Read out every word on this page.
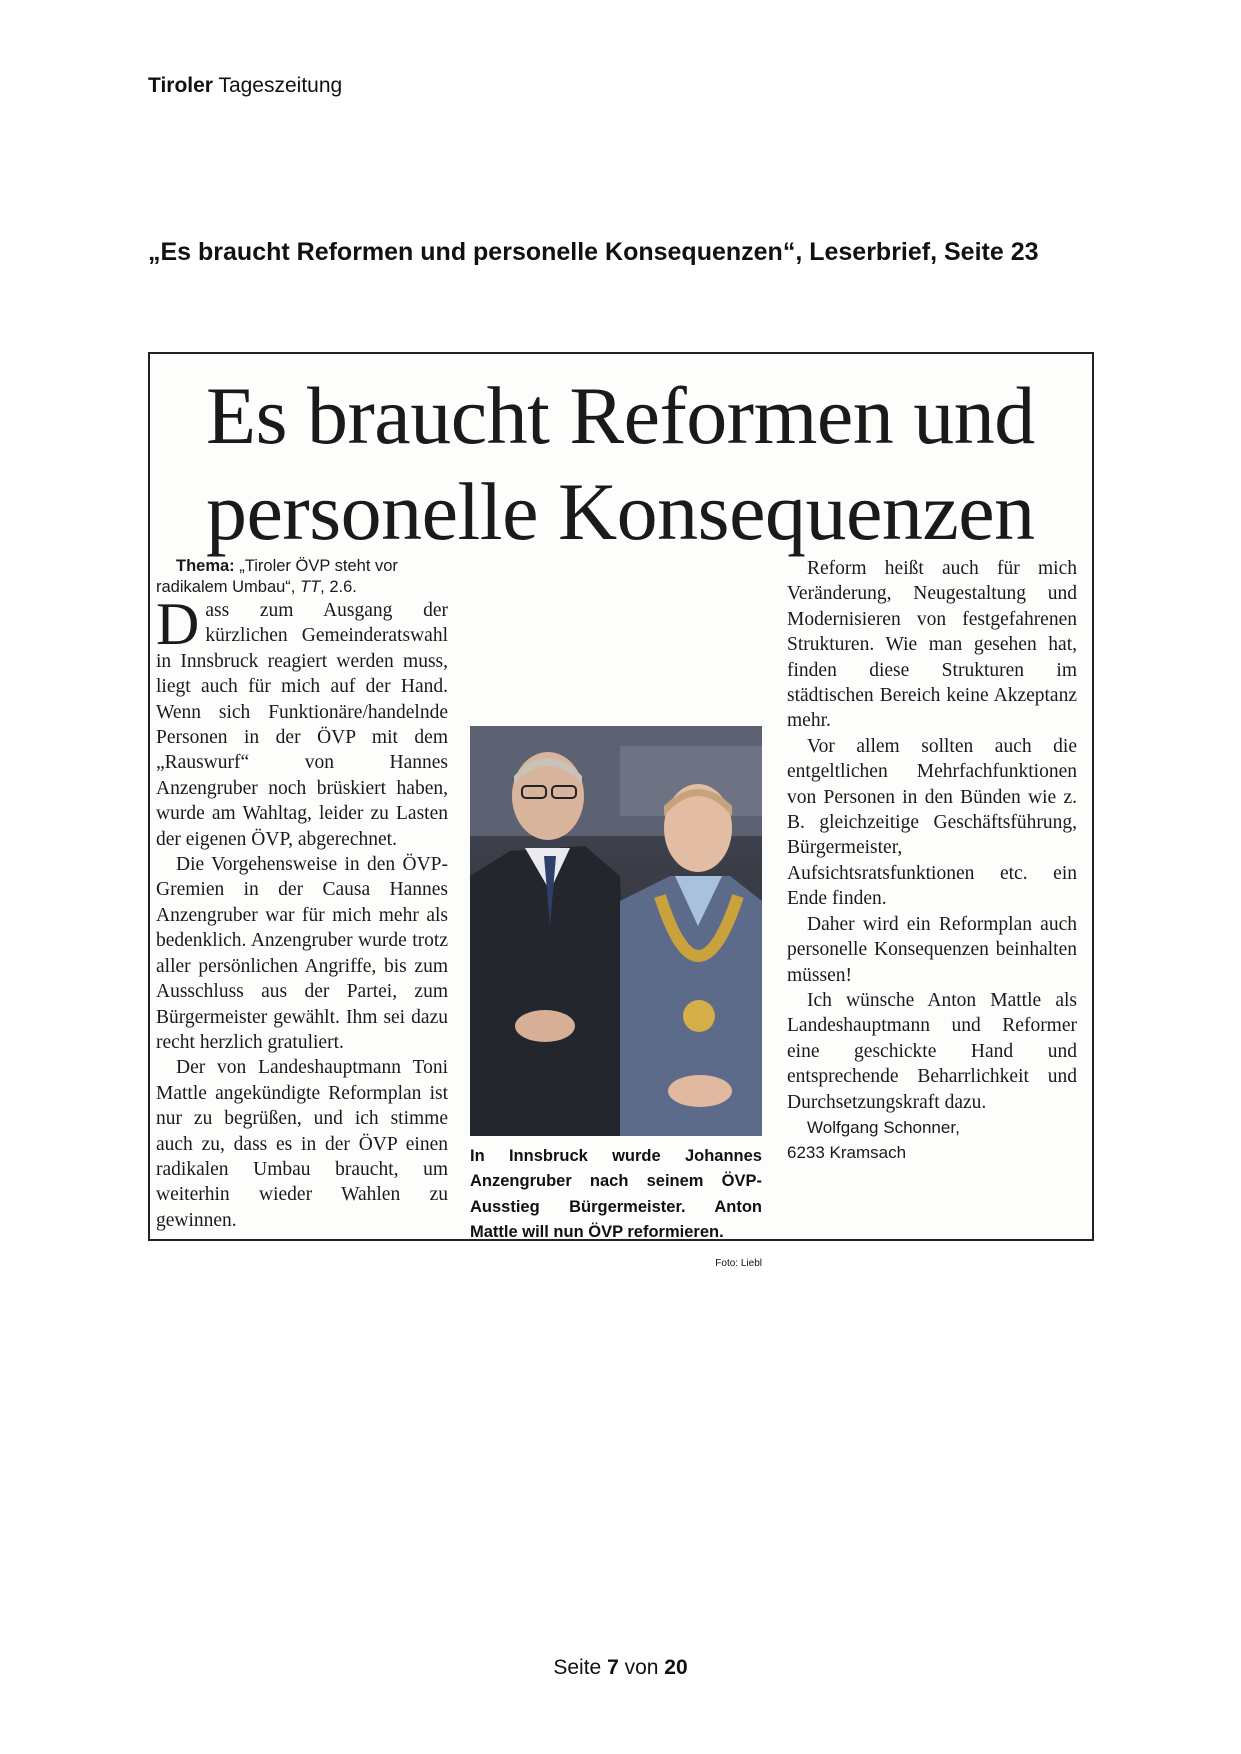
Tiroler Tageszeitung
„Es braucht Reformen und personelle Konsequenzen“, Leserbrief, Seite 23
Es braucht Reformen und
personelle Konsequenzen

Thema: „Tiroler ÖVP steht vor radikalem Umbau“, TT, 2.6.

Dass zum Ausgang der kürzlichen Gemeinderatswahl in Innsbruck reagiert werden muss, liegt auch für mich auf der Hand. Wenn sich Funktionäre/handelnde Personen in der ÖVP mit dem „Rauswurf“ von Hannes Anzengruber noch brüskiert haben, wurde am Wahltag, leider zu Lasten der eigenen ÖVP, abgerechnet.

Die Vorgehensweise in den ÖVP-Gremien in der Causa Hannes Anzengruber war für mich mehr als bedenklich. Anzengruber wurde trotz aller persönlichen Angriffe, bis zum Ausschluss aus der Partei, zum Bürgermeister gewählt. Ihm sei dazu recht herzlich gratuliert.

Der von Landeshauptmann Toni Mattle angekündigte Reformplan ist nur zu begrüßen, und ich stimme auch zu, dass es in der ÖVP einen radikalen Umbau braucht, um weiterhin wieder Wahlen zu gewinnen.

In Innsbruck wurde Johannes Anzengruber nach seinem ÖVP-Ausstieg Bürgermeister. Anton Mattle will nun ÖVP reformieren.
Foto: Liebl

Reform heißt auch für mich Veränderung, Neugestaltung und Modernisieren von festgefahrenen Strukturen. Wie man gesehen hat, finden diese Strukturen im städtischen Bereich keine Akzeptanz mehr.

Vor allem sollten auch die entgeltlichen Mehrfachfunktionen von Personen in den Bünden wie z. B. gleichzeitige Geschäftsführung, Bürgermeister, Aufsichtsratsfunktionen etc. ein Ende finden.

Daher wird ein Reformplan auch personelle Konsequenzen beinhalten müssen!

Ich wünsche Anton Mattle als Landeshauptmann und Reformer eine geschickte Hand und entsprechende Beharrlichkeit und Durchsetzungskraft dazu.

Wolfgang Schonner,
6233 Kramsach

Seite 7 von 20
